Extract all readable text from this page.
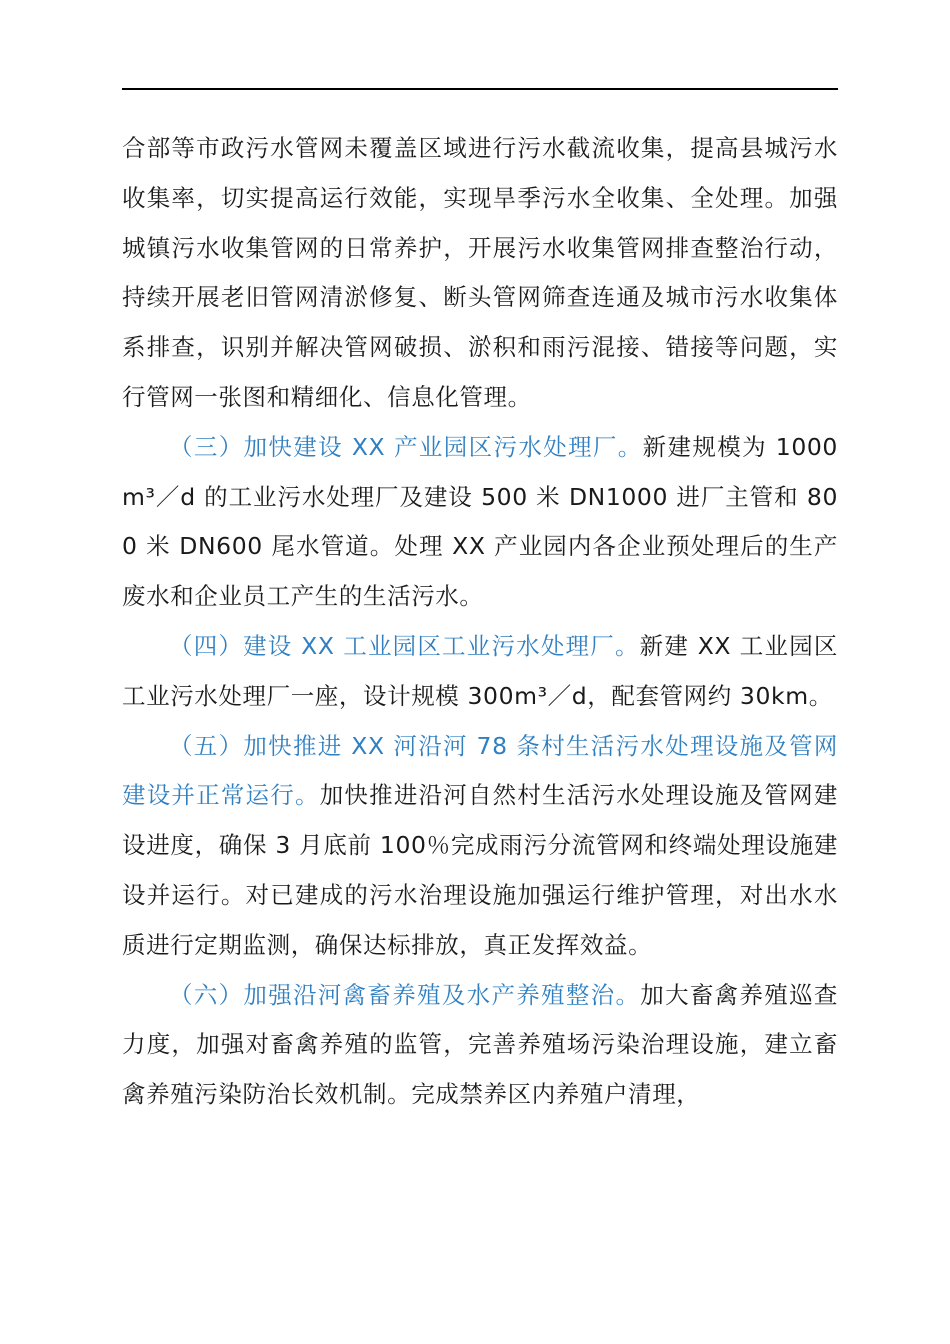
合部等市政污水管网未覆盖区域进行污水截流收集，提高县城污水收集率，切实提高运行效能，实现旱季污水全收集、全处理。加强城镇污水收集管网的日常养护，开展污水收集管网排查整治行动，持续开展老旧管网清淤修复、断头管网筛查连通及城市污水收集体系排查，识别并解决管网破损、淤积和雨污混接、错接等问题，实行管网一张图和精细化、信息化管理。

（三）加快建设 XX 产业园区污水处理厂。新建规模为 1000m³／d 的工业污水处理厂及建设 500 米 DN1000 进厂主管和 800 米 DN600 尾水管道。处理 XX 产业园内各企业预处理后的生产废水和企业员工产生的生活污水。

（四）建设 XX 工业园区工业污水处理厂。新建 XX 工业园区工业污水处理厂一座，设计规模 300m³／d，配套管网约 30km。

（五）加快推进 XX 河沿河 78 条村生活污水处理设施及管网建设并正常运行。加快推进沿河自然村生活污水处理设施及管网建设进度，确保 3 月底前 100％完成雨污分流管网和终端处理设施建设并运行。对已建成的污水治理设施加强运行维护管理，对出水水质进行定期监测，确保达标排放，真正发挥效益。

（六）加强沿河禽畜养殖及水产养殖整治。加大畜禽养殖巡查力度，加强对畜禽养殖的监管，完善养殖场污染治理设施，建立畜禽养殖污染防治长效机制。完成禁养区内养殖户清理，
